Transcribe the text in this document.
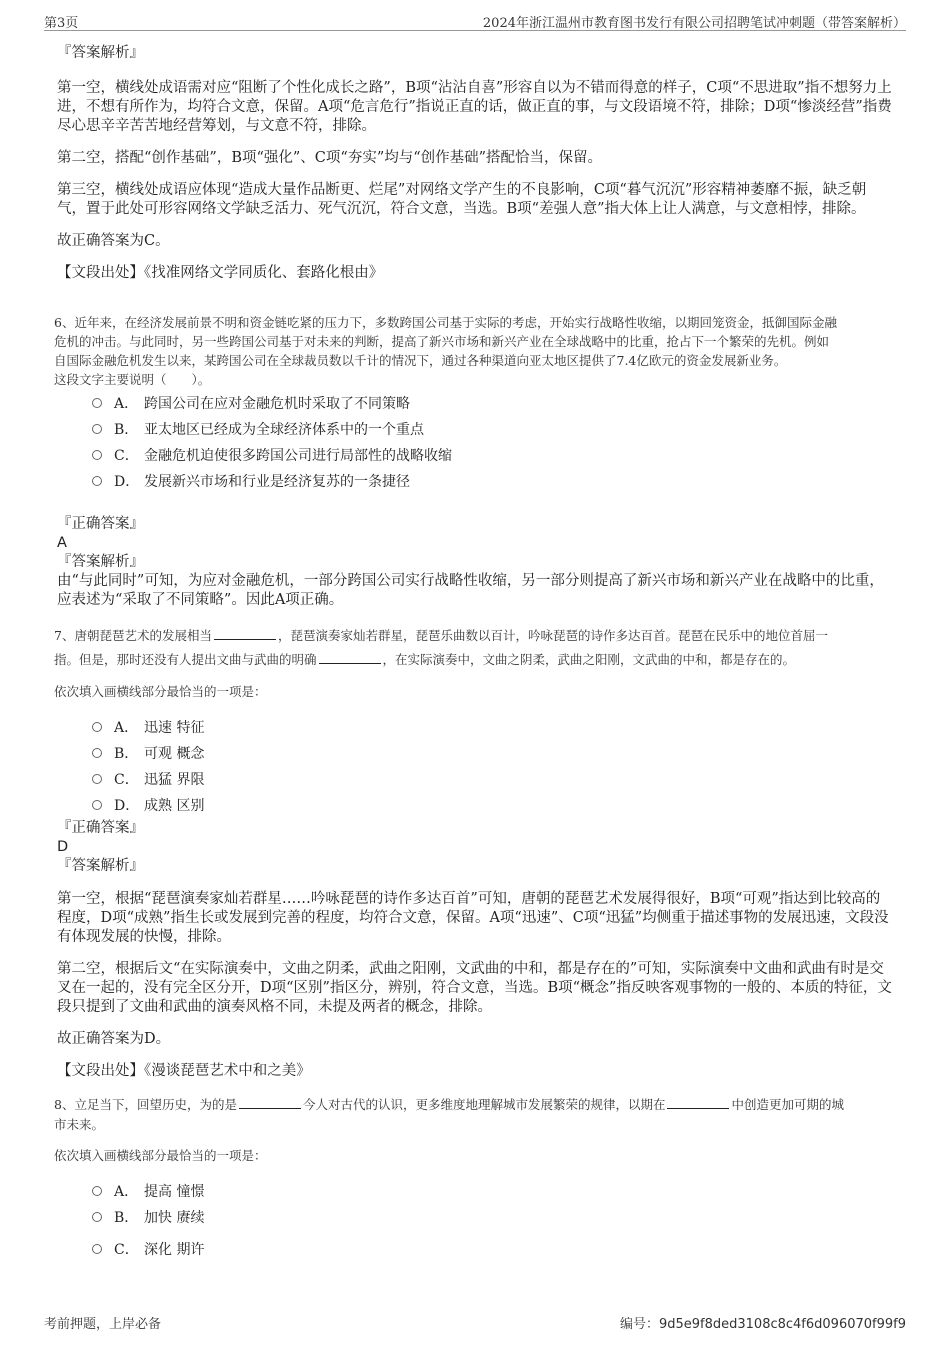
第3页	2024年浙江温州市教育图书发行有限公司招聘笔试冲刺题（带答案解析）

『答案解析』

第一空，横线处成语需对应“阻断了个性化成长之路”，B项“沾沾自喜”形容自以为不错而得意的样子，C项“不思进取”指不想努力上进，不想有所作为，均符合文意，保留。A项“危言危行”指说正直的话，做正直的事，与文段语境不符，排除；D项“惨淡经营”指费尽心思辛辛苦苦地经营筹划，与文意不符，排除。

第二空，搭配“创作基础”，B项“强化”、C项“夯实”均与“创作基础”搭配恰当，保留。

第三空，横线处成语应体现“造成大量作品断更、烂尾”对网络文学产生的不良影响，C项“暮气沉沉”形容精神萎靡不振，缺乏朝气，置于此处可形容网络文学缺乏活力、死气沉沉，符合文意，当选。B项“差强人意”指大体上让人满意，与文意相悖，排除。

故正确答案为C。

【文段出处】《找准网络文学同质化、套路化根由》

6、近年来，在经济发展前景不明和资金链吃紧的压力下，多数跨国公司基于实际的考虑，开始实行战略性收缩，以期回笼资金，抵御国际金融

危机的冲击。与此同时，另一些跨国公司基于对未来的判断，提高了新兴市场和新兴产业在全球战略中的比重，抢占下一个繁荣的先机。例如

自国际金融危机发生以来，某跨国公司在全球裁员数以千计的情况下，通过各种渠道向亚太地区提供了7.4亿欧元的资金发展新业务。

这段文字主要说明（　　）。

A． 跨国公司在应对金融危机时采取了不同策略
B． 亚太地区已经成为全球经济体系中的一个重点
C． 金融危机迫使很多跨国公司进行局部性的战略收缩
D． 发展新兴市场和行业是经济复苏的一条捷径

『正确答案』

A

『答案解析』

由“与此同时”可知，为应对金融危机，一部分跨国公司实行战略性收缩，另一部分则提高了新兴市场和新兴产业在战略中的比重，应表述为“采取了不同策略”。因此A项正确。

7、唐朝琵琶艺术的发展相当	，琵琶演奏家灿若群星，琵琶乐曲数以百计，吟咏琵琶的诗作多达百首。琵琶在民乐中的地位首屈一

指。但是，那时还没有人提出文曲与武曲的明确	，在实际演奏中，文曲之阴柔，武曲之阳刚，文武曲的中和，都是存在的。

依次填入画横线部分最恰当的一项是：

A． 迅速 特征
B． 可观 概念
C． 迅猛 界限
D． 成熟 区别

『正确答案』

D

『答案解析』

第一空，根据“琵琶演奏家灿若群星……吟咏琵琶的诗作多达百首”可知，唐朝的琵琶艺术发展得很好，B项“可观”指达到比较高的程度，D项“成熟”指生长或发展到完善的程度，均符合文意，保留。A项“迅速”、C项“迅猛”均侧重于描述事物的发展迅速，文段没有体现发展的快慢，排除。

第二空，根据后文“在实际演奏中，文曲之阴柔，武曲之阳刚，文武曲的中和，都是存在的”可知，实际演奏中文曲和武曲有时是交叉在一起的，没有完全区分开，D项“区别”指区分，辨别，符合文意，当选。B项“概念”指反映客观事物的一般的、本质的特征，文段只提到了文曲和武曲的演奏风格不同，未提及两者的概念，排除。

故正确答案为D。

【文段出处】《漫谈琵琶艺术中和之美》

8、立足当下，回望历史，为的是	今人对古代的认识，更多维度地理解城市发展繁荣的规律，以期在	中创造更加可期的城

市未来。

依次填入画横线部分最恰当的一项是：

A． 提高 憧憬
B． 加快 赓续
C． 深化 期许
考前押题，上岸必备	编号：9d5e9f8ded3108c8c4f6d096070f99f9
